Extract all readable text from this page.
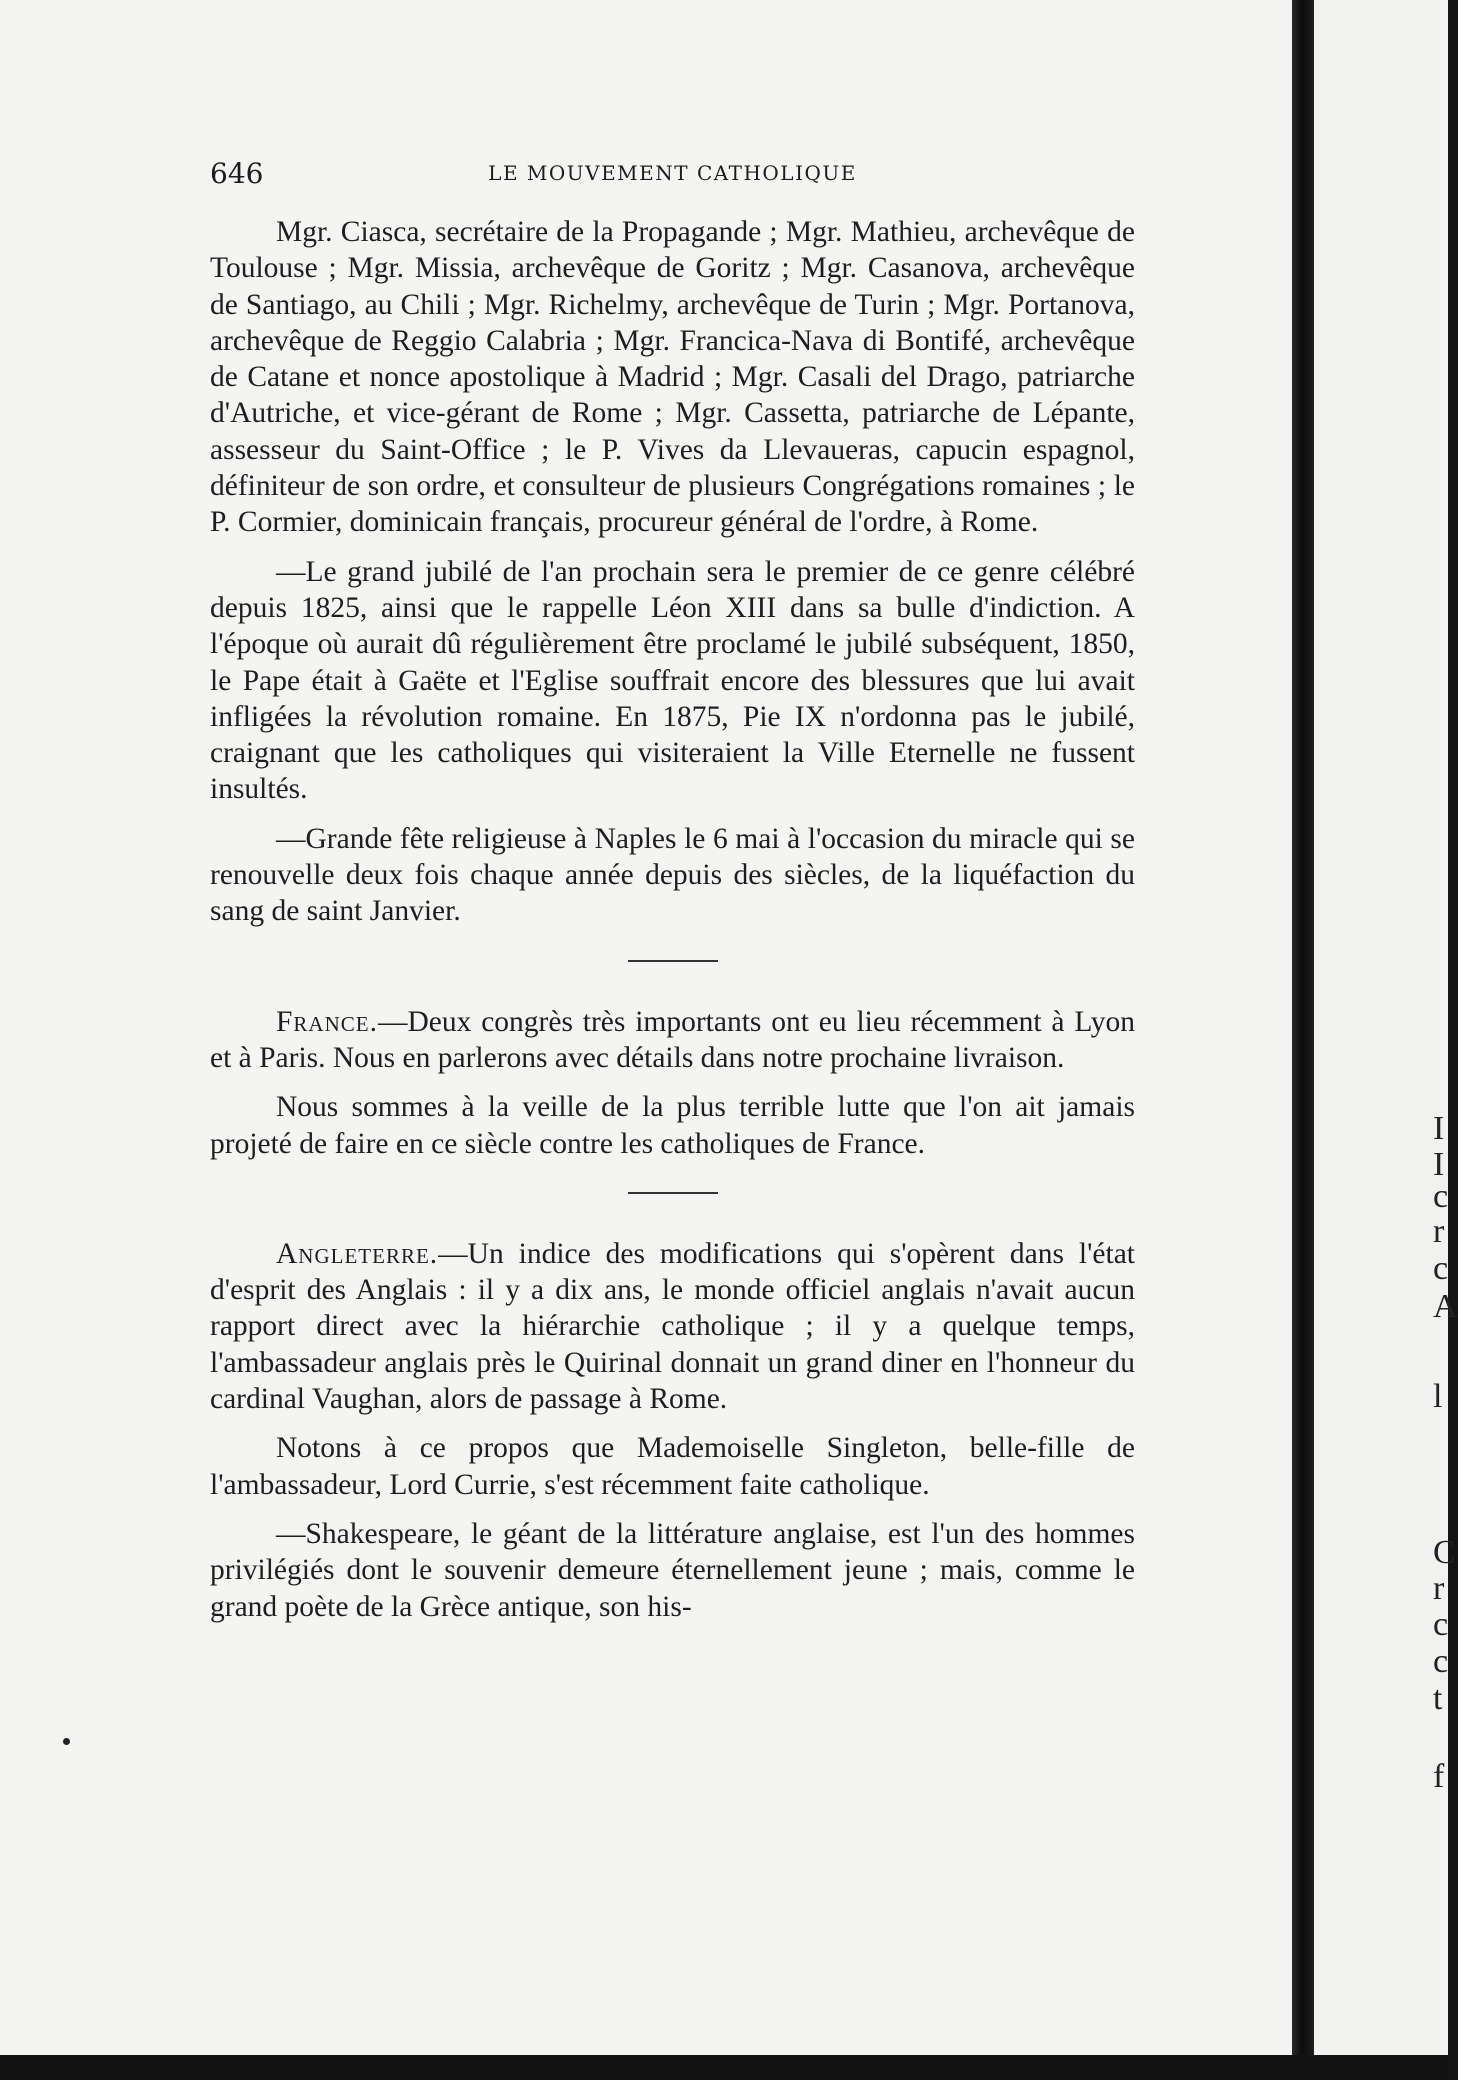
646	LE MOUVEMENT CATHOLIQUE

Mgr. Ciasca, secrétaire de la Propagande ; Mgr. Mathieu, archevêque de Toulouse ; Mgr. Missia, archevêque de Goritz ; Mgr. Casanova, archevêque de Santiago, au Chili ; Mgr. Richelmy, archevêque de Turin ; Mgr. Portanova, archevêque de Reggio Calabria ; Mgr. Francica-Nava di Bontifé, archevêque de Catane et nonce apostolique à Madrid ; Mgr. Casali del Drago, patriarche d'Autriche, et vice-gérant de Rome ; Mgr. Cassetta, patriarche de Lépante, assesseur du Saint-Office ; le P. Vives da Llevaueras, capucin espagnol, définiteur de son ordre, et consulteur de plusieurs Congrégations romaines ; le P. Cormier, dominicain français, procureur général de l'ordre, à Rome.

—Le grand jubilé de l'an prochain sera le premier de ce genre célébré depuis 1825, ainsi que le rappelle Léon XIII dans sa bulle d'indiction. A l'époque où aurait dû régulièrement être proclamé le jubilé subséquent, 1850, le Pape était à Gaëte et l'Eglise souffrait encore des blessures que lui avait infligées la révolution romaine. En 1875, Pie IX n'ordonna pas le jubilé, craignant que les catholiques qui visiteraient la Ville Eternelle ne fussent insultés.

—Grande fête religieuse à Naples le 6 mai à l'occasion du miracle qui se renouvelle deux fois chaque année depuis des siècles, de la liquéfaction du sang de saint Janvier.

France.—Deux congrès très importants ont eu lieu récemment à Lyon et à Paris. Nous en parlerons avec détails dans notre prochaine livraison.

Nous sommes à la veille de la plus terrible lutte que l'on ait jamais projeté de faire en ce siècle contre les catholiques de France.

Angleterre.—Un indice des modifications qui s'opèrent dans l'état d'esprit des Anglais : il y a dix ans, le monde officiel anglais n'avait aucun rapport direct avec la hiérarchie catholique ; il y a quelque temps, l'ambassadeur anglais près le Quirinal donnait un grand diner en l'honneur du cardinal Vaughan, alors de passage à Rome.

Notons à ce propos que Mademoiselle Singleton, belle-fille de l'ambassadeur, Lord Currie, s'est récemment faite catholique.

—Shakespeare, le géant de la littérature anglaise, est l'un des hommes privilégiés dont le souvenir demeure éternellement jeune ; mais, comme le grand poète de la Grèce antique, son his-

I
I
c
r
c
A
l
C
r
c
c
t
f
